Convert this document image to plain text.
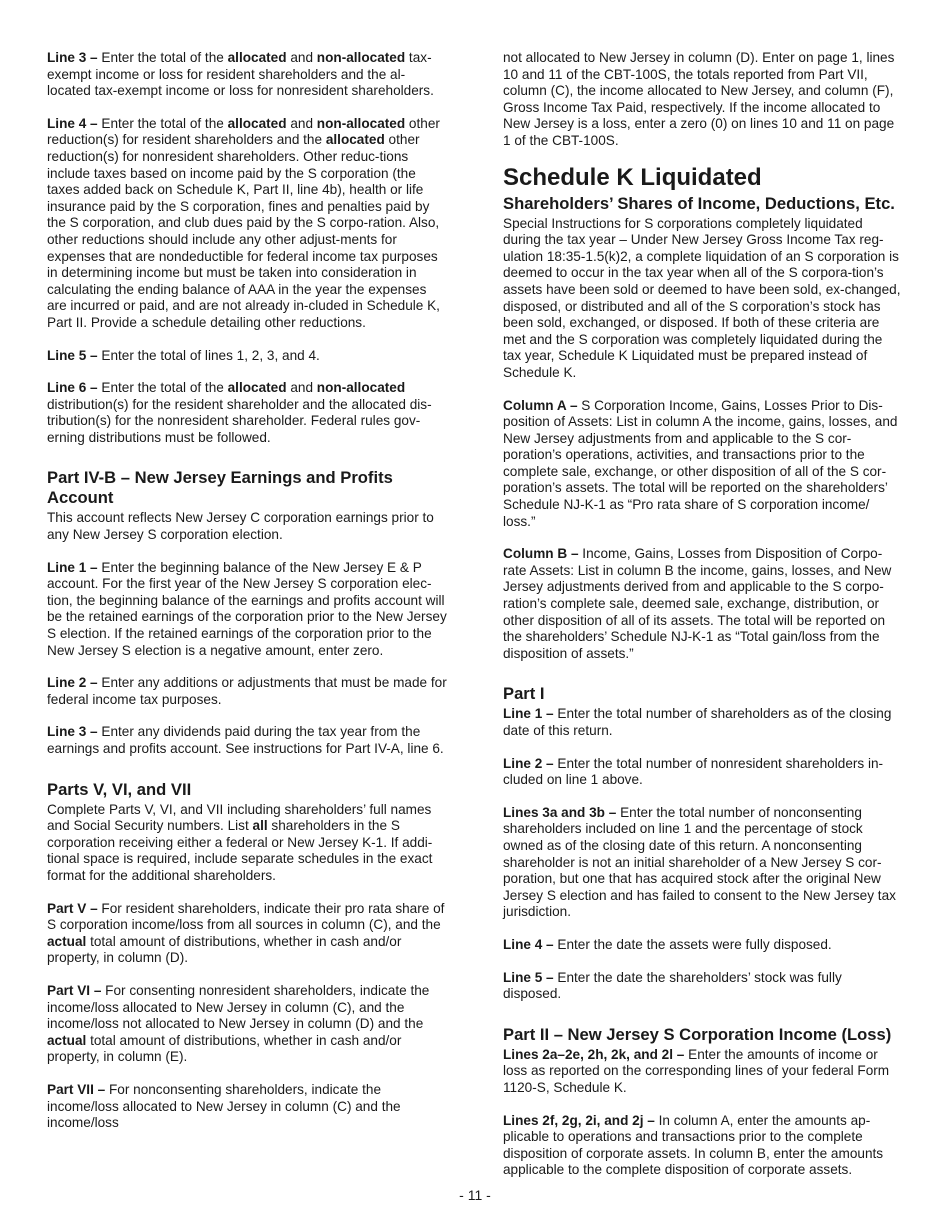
Line 3 – Enter the total of the allocated and non-allocated tax-exempt income or loss for resident shareholders and the al-located tax-exempt income or loss for nonresident shareholders.

Line 4 – Enter the total of the allocated and non-allocated other reduction(s) for resident shareholders and the allocated other reduction(s) for nonresident shareholders. Other reduc-tions include taxes based on income paid by the S corporation (the taxes added back on Schedule K, Part II, line 4b), health or life insurance paid by the S corporation, fines and penalties paid by the S corporation, and club dues paid by the S corpo-ration. Also, other reductions should include any other adjust-ments for expenses that are nondeductible for federal income tax purposes in determining income but must be taken into consideration in calculating the ending balance of AAA in the year the expenses are incurred or paid, and are not already in-cluded in Schedule K, Part II. Provide a schedule detailing other reductions.

Line 5 – Enter the total of lines 1, 2, 3, and 4.

Line 6 – Enter the total of the allocated and non-allocated distribution(s) for the resident shareholder and the allocated dis-tribution(s) for the nonresident shareholder. Federal rules gov-erning distributions must be followed.

Part IV-B – New Jersey Earnings and Profits Account

This account reflects New Jersey C corporation earnings prior to any New Jersey S corporation election.

Line 1 – Enter the beginning balance of the New Jersey E & P account. For the first year of the New Jersey S corporation elec-tion, the beginning balance of the earnings and profits account will be the retained earnings of the corporation prior to the New Jersey S election. If the retained earnings of the corporation prior to the New Jersey S election is a negative amount, enter zero.

Line 2 – Enter any additions or adjustments that must be made for federal income tax purposes.

Line 3 – Enter any dividends paid during the tax year from the earnings and profits account. See instructions for Part IV-A, line 6.

Parts V, VI, and VII

Complete Parts V, VI, and VII including shareholders’ full names and Social Security numbers. List all shareholders in the S corporation receiving either a federal or New Jersey K-1. If addi-tional space is required, include separate schedules in the exact format for the additional shareholders.

Part V – For resident shareholders, indicate their pro rata share of S corporation income/loss from all sources in column (C), and the actual total amount of distributions, whether in cash and/or property, in column (D).

Part VI – For consenting nonresident shareholders, indicate the income/loss allocated to New Jersey in column (C), and the income/loss not allocated to New Jersey in column (D) and the actual total amount of distributions, whether in cash and/or property, in column (E).

Part VII – For nonconsenting shareholders, indicate the income/loss allocated to New Jersey in column (C) and the income/loss

not allocated to New Jersey in column (D). Enter on page 1, lines 10 and 11 of the CBT-100S, the totals reported from Part VII, column (C), the income allocated to New Jersey, and column (F), Gross Income Tax Paid, respectively. If the income allocated to New Jersey is a loss, enter a zero (0) on lines 10 and 11 on page 1 of the CBT-100S.

Schedule K Liquidated
Shareholders’ Shares of Income, Deductions, Etc.

Special Instructions for S corporations completely liquidated during the tax year – Under New Jersey Gross Income Tax reg-ulation 18:35-1.5(k)2, a complete liquidation of an S corporation is deemed to occur in the tax year when all of the S corpora-tion’s assets have been sold or deemed to have been sold, ex-changed, disposed, or distributed and all of the S corporation’s stock has been sold, exchanged, or disposed. If both of these criteria are met and the S corporation was completely liquidated during the tax year, Schedule K Liquidated must be prepared instead of Schedule K.

Column A – S Corporation Income, Gains, Losses Prior to Dis-position of Assets: List in column A the income, gains, losses, and New Jersey adjustments from and applicable to the S cor-poration’s operations, activities, and transactions prior to the complete sale, exchange, or other disposition of all of the S cor-poration’s assets. The total will be reported on the shareholders’ Schedule NJ-K-1 as “Pro rata share of S corporation income/ loss.”

Column B – Income, Gains, Losses from Disposition of Corpo-rate Assets: List in column B the income, gains, losses, and New Jersey adjustments derived from and applicable to the S corpo-ration’s complete sale, deemed sale, exchange, distribution, or other disposition of all of its assets. The total will be reported on the shareholders’ Schedule NJ-K-1 as “Total gain/loss from the disposition of assets.”

Part I

Line 1 – Enter the total number of shareholders as of the closing date of this return.

Line 2 – Enter the total number of nonresident shareholders in-cluded on line 1 above.

Lines 3a and 3b – Enter the total number of nonconsenting shareholders included on line 1 and the percentage of stock owned as of the closing date of this return. A nonconsenting shareholder is not an initial shareholder of a New Jersey S cor-poration, but one that has acquired stock after the original New Jersey S election and has failed to consent to the New Jersey tax jurisdiction.

Line 4 – Enter the date the assets were fully disposed.

Line 5 – Enter the date the shareholders’ stock was fully disposed.

Part II – New Jersey S Corporation Income (Loss)

Lines 2a–2e, 2h, 2k, and 2l – Enter the amounts of income or loss as reported on the corresponding lines of your federal Form 1120-S, Schedule K.

Lines 2f, 2g, 2i, and 2j – In column A, enter the amounts ap-plicable to operations and transactions prior to the complete disposition of corporate assets. In column B, enter the amounts applicable to the complete disposition of corporate assets.

- 11 -
